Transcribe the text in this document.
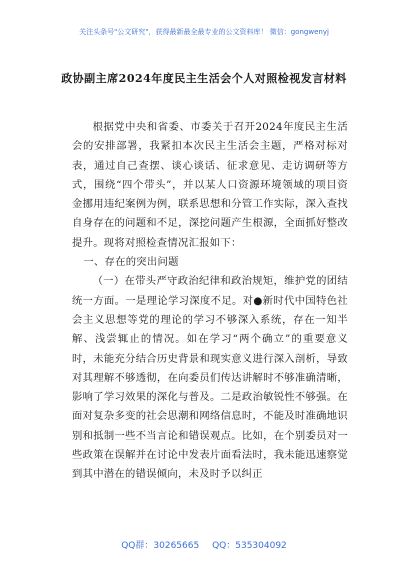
关注头条号"公文研究"，获得最新最全最专业的公文资料库！ 微信：gongwenyj
政协副主席2024年度民主生活会个人对照检视发言材料

根据党中央和省委、市委关于召开2024年度民主生活会的安排部署，我紧扣本次民主生活会主题，严格对标对表，通过自己查摆、谈心谈话、征求意见、走访调研等方式，围绕“四个带头”，并以某人口资源环境领域的项目资金挪用违纪案例为例，联系思想和分管工作实际，深入查找自身存在的问题和不足，深挖问题产生根源，全面抓好整改提升。现将对照检查情况汇报如下：

一、存在的突出问题

（一）在带头严守政治纪律和政治规矩，维护党的团结统一方面。一是理论学习深度不足。对●新时代中国特色社会主义思想等党的理论的学习不够深入系统，存在一知半解、浅尝辄止的情况。如在学习“两个确立”的重要意义时，未能充分结合历史背景和现实意义进行深入剖析，导致对其理解不够透彻，在向委员们传达讲解时不够准确清晰，影响了学习效果的深化与普及。二是政治敏锐性不够强。在面对复杂多变的社会思潮和网络信息时，不能及时准确地识别和抵制一些不当言论和错误观点。比如，在个别委员对一些政策在误解并在讨论中发表片面看法时，我未能迅速察觉到其中潜在的错误倾向，未及时予以纠正

QQ群：30265665 QQ：535304092
